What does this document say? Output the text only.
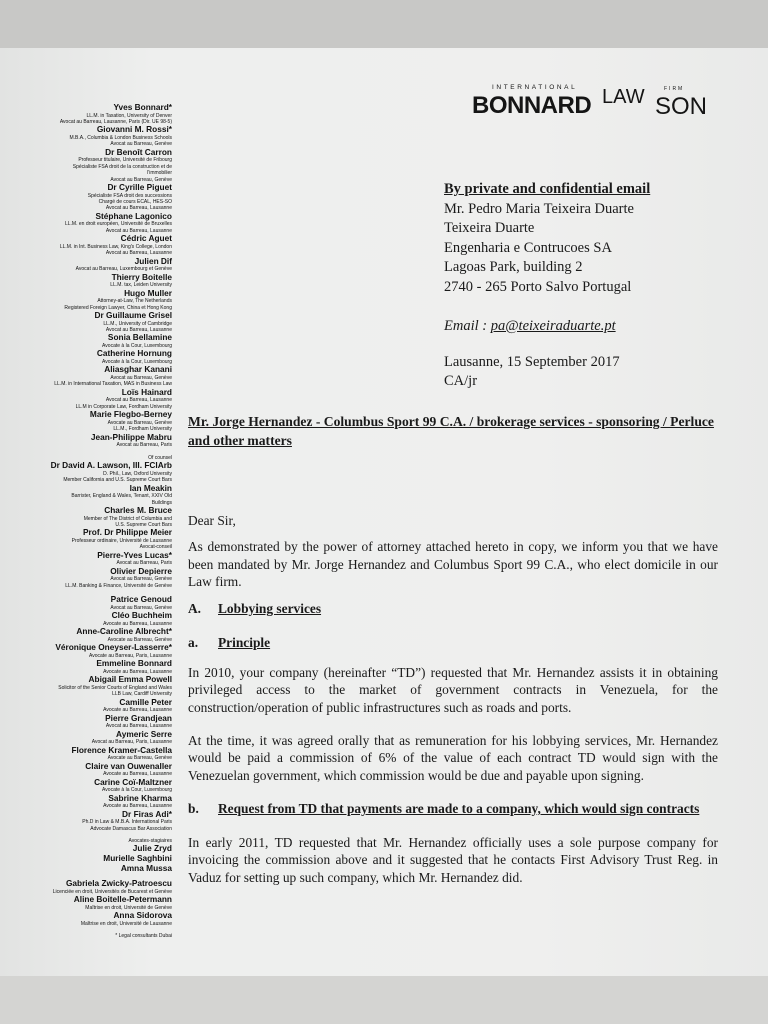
INTERNATIONAL
BONNARD LAW	FIRM
SON
Yves Bonnard*
LL.M. in Taxation, University of Denver
Avocat au Barreau, Lausanne, Paris (Dir. UE 98-5)
Giovanni M. Rossi*
M.B.A., Columbia & London Business Schools
Avocat au Barreau, Genève
Dr Benoît Carron
Professeur titulaire, Université de Fribourg
Spécialiste FSA droit de la construction et de
l'immobilier
Avocat au Barreau, Genève
Dr Cyrille Piguet
Spécialiste FSA droit des successions
Chargé de cours ECAL, HES-SO
Avocat au Barreau, Lausanne
Stéphane Lagonico
LL.M. en droit européen, Université de Bruxelles
Avocat au Barreau, Lausanne
Cédric Aguet
LL.M. in Int. Business Law, King's College, London
Avocat au Barreau, Lausanne
Julien Dif
Avocat au Barreau, Luxembourg et Genève
Thierry Boitelle
LL.M. tax, Leiden University
Hugo Muller
Attorney-at-Law, The Netherlands
Registered Foreign Lawyer, China et Hong Kong
Dr Guillaume Grisel
LL.M., University of Cambridge
Avocat au Barreau, Lausanne
Sonia Bellamine
Avocate à la Cour, Luxembourg
Catherine Hornung
Avocate à la Cour, Luxembourg
Aliasghar Kanani
Avocat au Barreau, Genève
LL.M. in International Taxation, MAS in Business Law
Loïs Hainard
Avocat au Barreau, Lausanne
LL.M in Corporate Law, Fordham University
Marie Flegbo-Berney
Avocate au Barreau, Genève
LL.M., Fordham University
Jean-Philippe Mabru
Avocat au Barreau, Paris
Of counsel
Dr David A. Lawson, III. FCIArb
D. Phil., Law, Oxford University
Member California and U.S. Supreme Court Bars
Ian Meakin
Barrister, England & Wales, Tenant, XXIV Old
Buildings
Charles M. Bruce
Member of The District of Columbia and
U.S. Supreme Court Bars
Prof. Dr Philippe Meier
Professeur ordinaire, Université de Lausanne
Avocat-conseil
Pierre-Yves Lucas*
Avocat au Barreau, Paris
Olivier Depierre
Avocat au Barreau, Genève
LL.M. Banking & Finance, Université de Genève
Patrice Genoud
Avocat au Barreau, Genève
Cléo Buchheim
Avocate au Barreau, Lausanne
Anne-Caroline Albrecht*
Avocate au Barreau, Genève
Véronique Oneyser-Lasserre*
Avocate au Barreau, Paris, Lausanne
Emmeline Bonnard
Avocate au Barreau, Lausanne
Abigail Emma Powell
Solicitor of the Senior Courts of England and Wales
LLB Law, Cardiff University
Camille Peter
Avocate au Barreau, Lausanne
Pierre Grandjean
Avocat au Barreau, Lausanne
Aymeric Serre
Avocat au Barreau, Paris, Lausanne
Florence Kramer-Castella
Avocate au Barreau, Genève
Claire van Ouwenaller
Avocate au Barreau, Lausanne
Carine Coï-Maltzner
Avocate à la Cour, Luxembourg
Sabrine Kharma
Avocate au Barreau, Lausanne
Dr Firas Adi*
Ph.D in Law & M.B.A. International Paris
Advocate Damascus Bar Association
Avocates-stagiaires
Julie Zryd
Murielle Saghbini
Amna Mussa
Gabriela Zwicky-Patroescu
Licenciée en droit, Universités de Bucarest et Genève
Aline Boitelle-Petermann
Maîtrise en droit, Université de Genève
Anna Sidorova
Maîtrise en droit, Université de Lausanne
* Legal consultants Dubai
By private and confidential email
Mr. Pedro Maria Teixeira Duarte
Teixeira Duarte
Engenharia e Contrucoes SA
Lagoas Park, building 2
2740 - 265 Porto Salvo Portugal
Email : pa@teixeiraduarte.pt
Lausanne, 15 September 2017
CA/jr
Mr. Jorge Hernandez - Columbus Sport 99 C.A. / brokerage services - sponsoring / Perluce and other matters
Dear Sir,
As demonstrated by the power of attorney attached hereto in copy, we inform you that we have been mandated by Mr. Jorge Hernandez and Columbus Sport 99 C.A., who elect domicile in our Law firm.
A.	Lobbying services
a.	Principle
In 2010, your company (hereinafter “TD”) requested that Mr. Hernandez assists it in obtaining privileged access to the market of government contracts in Venezuela, for the construction/operation of public infrastructures such as roads and ports.
At the time, it was agreed orally that as remuneration for his lobbying services, Mr. Hernandez would be paid a commission of 6% of the value of each contract TD would sign with the Venezuelan government, which commission would be due and payable upon signing.
b.	Request from TD that payments are made to a company, which would sign contracts
In early 2011, TD requested that Mr. Hernandez officially uses a sole purpose company for invoicing the commission above and it suggested that he contacts First Advisory Trust Reg. in Vaduz for setting up such company, which Mr. Hernandez did.
